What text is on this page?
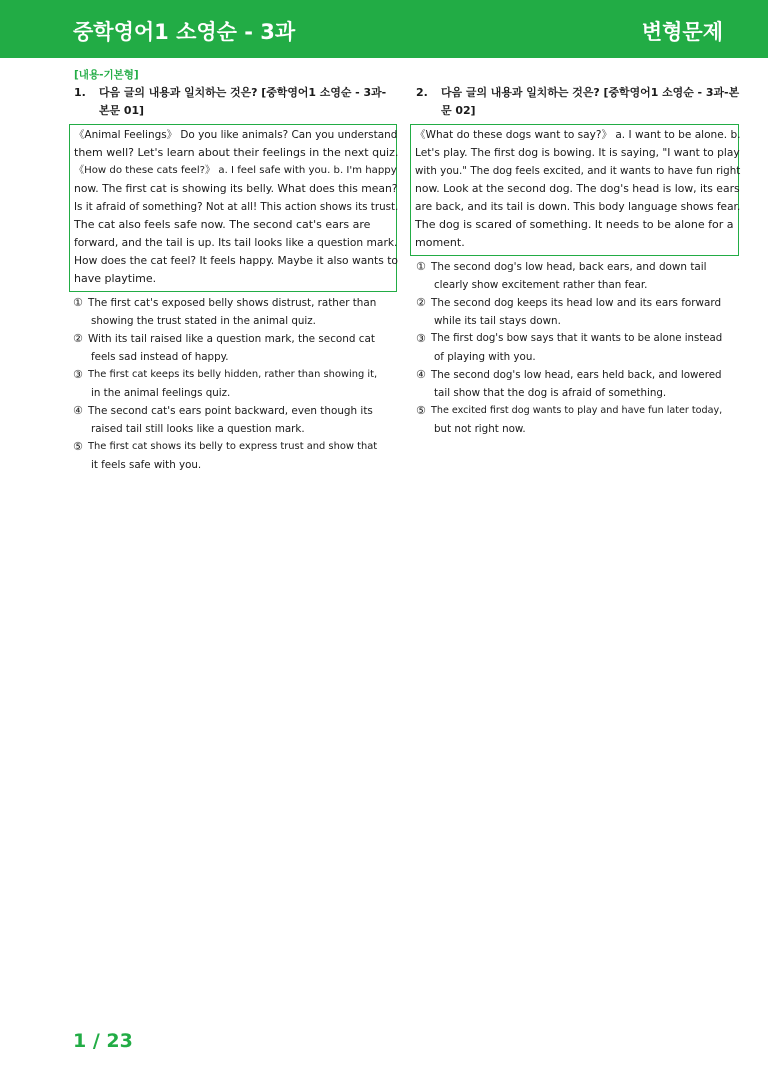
중학영어1 소영순 - 3과	변형문제
[내용-기본형]
1. 다음 글의 내용과 일치하는 것은? [중학영어1 소영순 - 3과-
본문 01]
《Animal Feelings》 Do you like animals? Can you understand
them well? Let's learn about their feelings in the next quiz.
《How do these cats feel?》 a. I feel safe with you. b. I'm happy
now. The first cat is showing its belly. What does this mean?
Is it afraid of something? Not at all! This action shows its trust.
The cat also feels safe now. The second cat's ears are
forward, and the tail is up. Its tail looks like a question mark.
How does the cat feel? It feels happy. Maybe it also wants to
have playtime.
① The first cat's exposed belly shows distrust, rather than
showing the trust stated in the animal quiz.
② With its tail raised like a question mark, the second cat
feels sad instead of happy.
③ The first cat keeps its belly hidden, rather than showing it,
in the animal feelings quiz.
④ The second cat's ears point backward, even though its
raised tail still looks like a question mark.
⑤ The first cat shows its belly to express trust and show that
it feels safe with you.
2. 다음 글의 내용과 일치하는 것은? [중학영어1 소영순 - 3과-본
문 02]
《What do these dogs want to say?》 a. I want to be alone. b.
Let's play. The first dog is bowing. It is saying, "I want to play
with you." The dog feels excited, and it wants to have fun right
now. Look at the second dog. The dog's head is low, its ears
are back, and its tail is down. This body language shows fear.
The dog is scared of something. It needs to be alone for a
moment.
① The second dog's low head, back ears, and down tail
clearly show excitement rather than fear.
② The second dog keeps its head low and its ears forward
while its tail stays down.
③ The first dog's bow says that it wants to be alone instead
of playing with you.
④ The second dog's low head, ears held back, and lowered
tail show that the dog is afraid of something.
⑤ The excited first dog wants to play and have fun later today,
but not right now.
1 / 23
